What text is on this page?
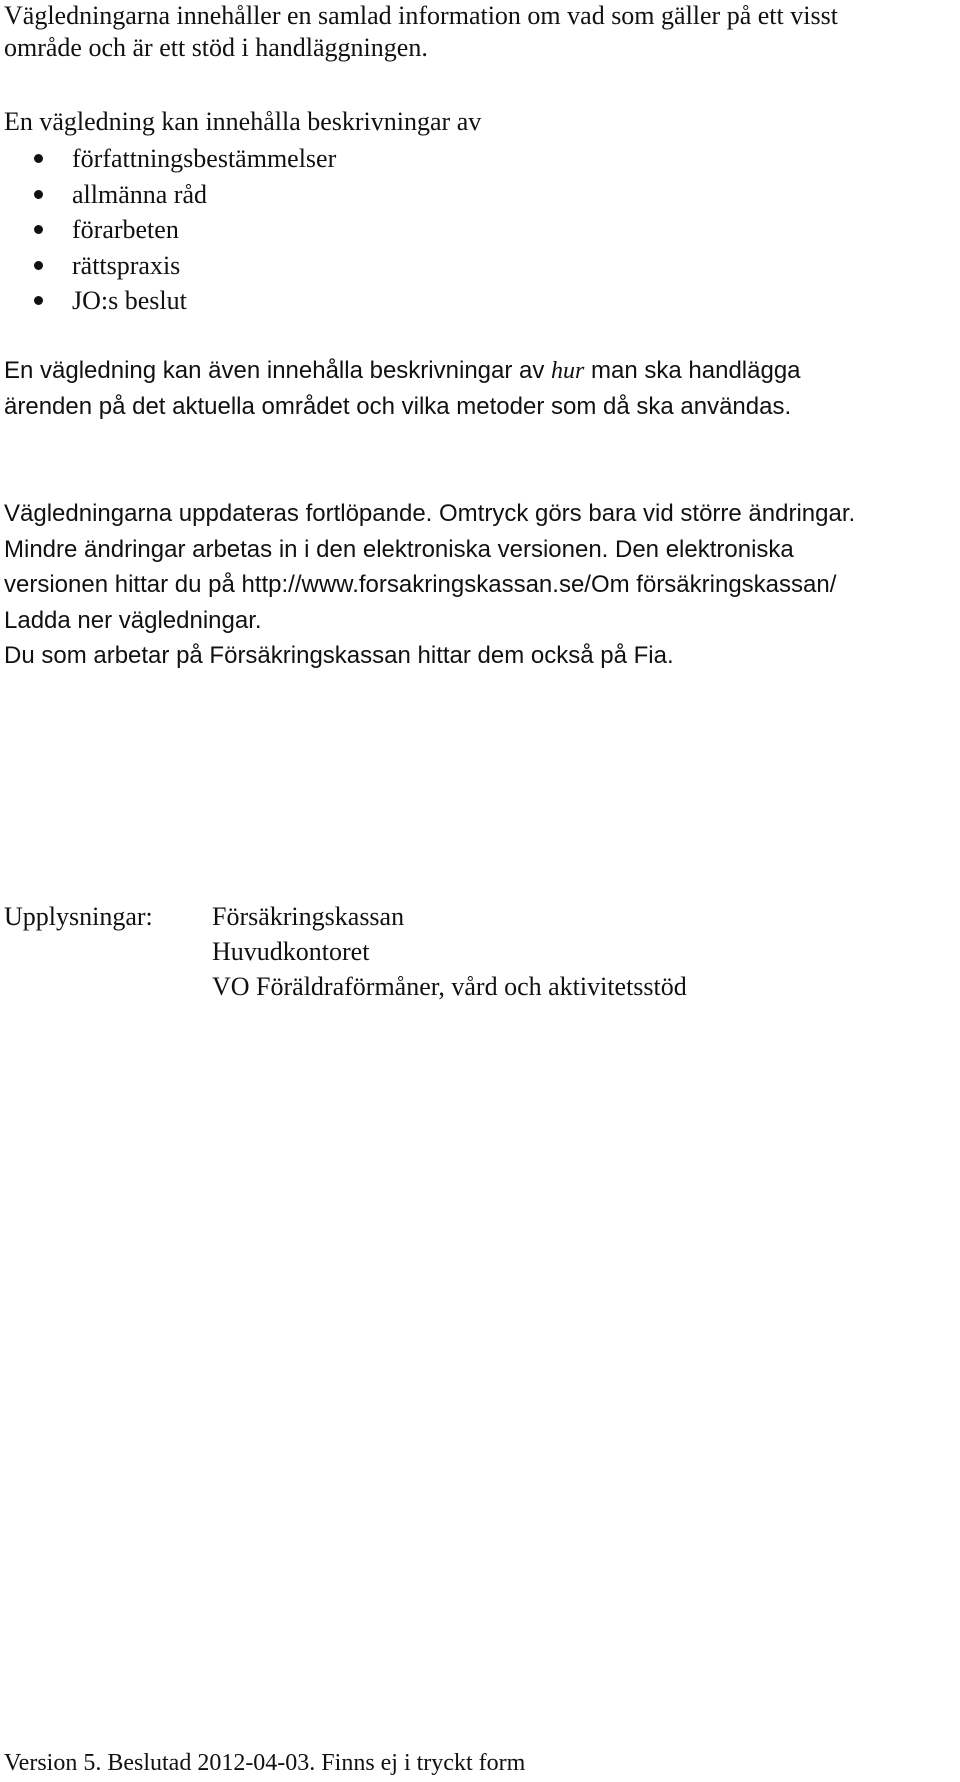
Vägledningarna innehåller en samlad information om vad som gäller på ett visst
område och är ett stöd i handläggningen.
En vägledning kan innehålla beskrivningar av
författningsbestämmelser
allmänna råd
förarbeten
rättspraxis
JO:s beslut
En vägledning kan även innehålla beskrivningar av hur man ska handlägga
ärenden på det aktuella området och vilka metoder som då ska användas.
Vägledningarna uppdateras fortlöpande. Omtryck görs bara vid större ändringar.
Mindre ändringar arbetas in i den elektroniska versionen. Den elektroniska
versionen hittar du på http://www.forsakringskassan.se/Om försäkringskassan/
Ladda ner vägledningar.
Du som arbetar på Försäkringskassan hittar dem också på Fia.
Upplysningar: Försäkringskassan
Huvudkontoret
VO Föräldraförmåner, vård och aktivitetsstöd
Version 5. Beslutad 2012-04-03. Finns ej i tryckt form
